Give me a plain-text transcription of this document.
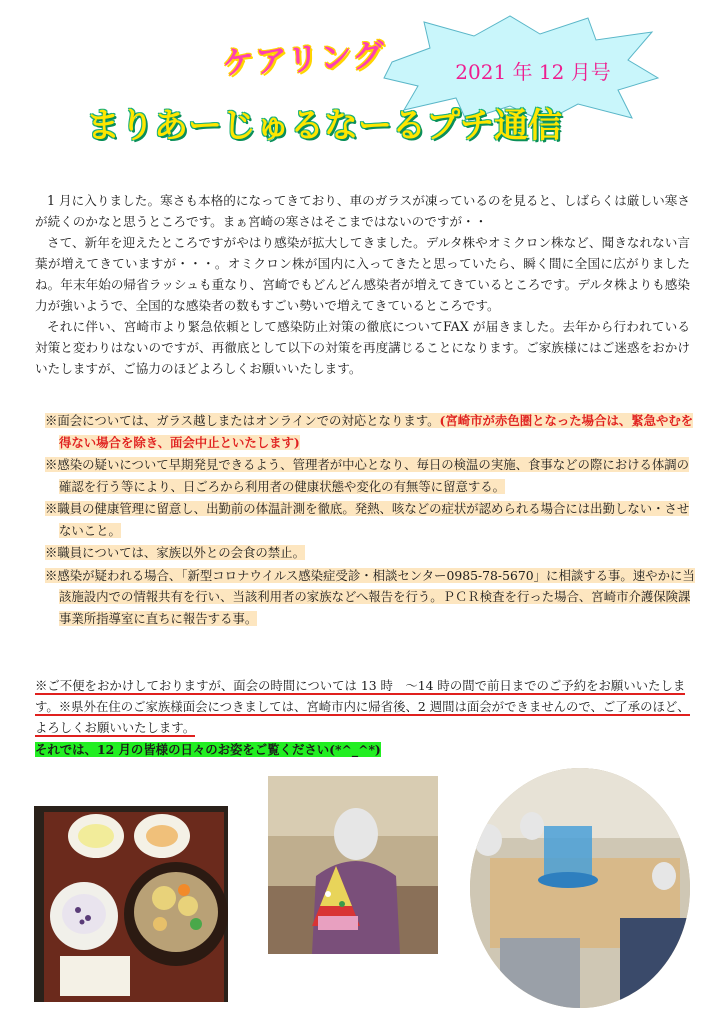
ケアリング	2021 年 12 月号
まりあーじゅるなーるプチ通信

1 月に入りました。寒さも本格的になってきており、車のガラスが凍っているのを見ると、しばらくは厳しい寒さが続くのかなと思うところです。まぁ宮崎の寒さはそこまではないのですが・・

さて、新年を迎えたところですがやはり感染が拡大してきました。デルタ株やオミクロン株など、聞きなれない言葉が増えてきていますが・・・。オミクロン株が国内に入ってきたと思っていたら、瞬く間に全国に広がりましたね。年末年始の帰省ラッシュも重なり、宮崎でもどんどん感染者が増えてきているところです。デルタ株よりも感染力が強いようで、全国的な感染者の数もすごい勢いで増えてきているところです。

それに伴い、宮崎市より緊急依頼として感染防止対策の徹底についてFAX が届きました。去年から行われている対策と変わりはないのですが、再徹底として以下の対策を再度講じることになります。ご家族様にはご迷惑をおかけいたしますが、ご協力のほどよろしくお願いいたします。

※面会については、ガラス越しまたはオンラインでの対応となります。(宮崎市が赤色圏となった場合は、緊急やむを得ない場合を除き、面会中止といたします)
※感染の疑いについて早期発見できるよう、管理者が中心となり、毎日の検温の実施、食事などの際における体調の確認を行う等により、日ごろから利用者の健康状態や変化の有無等に留意する。
※職員の健康管理に留意し、出勤前の体温計測を徹底。発熱、咳などの症状が認められる場合には出勤しない・させないこと。
※職員については、家族以外との会食の禁止。
※感染が疑われる場合、「新型コロナウイルス感染症受診・相談センター0985-78-5670」に相談する事。速やかに当該施設内での情報共有を行い、当該利用者の家族などへ報告を行う。ＰＣＲ検査を行った場合、宮崎市介護保険課事業所指導室に直ちに報告する事。
※ご不便をおかけしておりますが、面会の時間については 13 時　～14 時の間で前日までのご予約をお願いいたします。※県外在住のご家族様面会につきましては、宮崎市内に帰省後、2 週間は面会ができませんので、ご了承のほど、よろしくお願いいたします。
それでは、12 月の皆様の日々のお姿をご覧ください(*^_^*)
